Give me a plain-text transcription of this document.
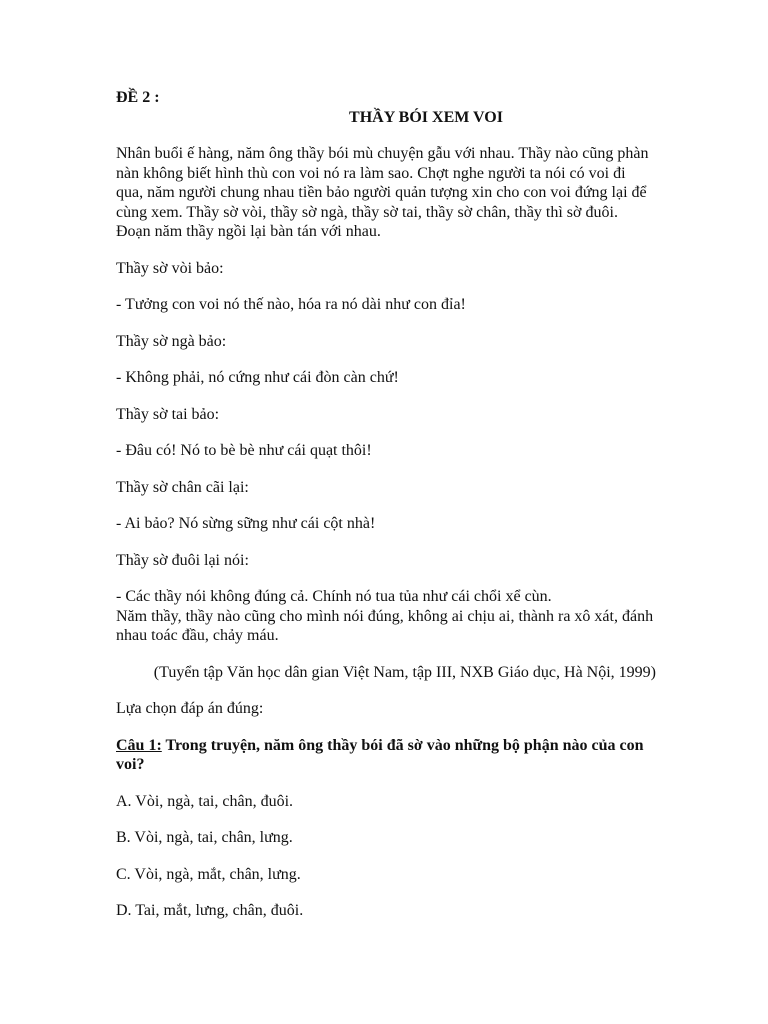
ĐỀ 2 :

THẦY BÓI XEM VOI

Nhân buổi ế hàng, năm ông thầy bói mù chuyện gẫu với nhau. Thầy nào cũng phàn nàn không biết hình thù con voi nó ra làm sao. Chợt nghe người ta nói có voi đi qua, năm người chung nhau tiền bảo người quản tượng xin cho con voi đứng lại để cùng xem. Thầy sờ vòi, thầy sờ ngà, thầy sờ tai, thầy sờ chân, thầy thì sờ đuôi. Đoạn năm thầy ngồi lại bàn tán với nhau.

Thầy sờ vòi bảo:

- Tưởng con voi nó thế nào, hóa ra nó dài như con đỉa!

Thầy sờ ngà bảo:

- Không phải, nó cứng như cái đòn càn chứ!

Thầy sờ tai bảo:

- Đâu có! Nó to bè bè như cái quạt thôi!

Thầy sờ chân cãi lại:

- Ai bảo? Nó sừng sững như cái cột nhà!

Thầy sờ đuôi lại nói:

- Các thầy nói không đúng cả. Chính nó tua tủa như cái chổi xể cùn.

Năm thầy, thầy nào cũng cho mình nói đúng, không ai chịu ai, thành ra xô xát, đánh nhau toác đầu, chảy máu.

(Tuyển tập Văn học dân gian Việt Nam, tập III, NXB Giáo dục, Hà Nội, 1999)

Lựa chọn đáp án đúng:

Câu 1: Trong truyện, năm ông thầy bói đã sờ vào những bộ phận nào của con voi?

A. Vòi, ngà, tai, chân, đuôi.

B. Vòi, ngà, tai, chân, lưng.

C. Vòi, ngà, mắt, chân, lưng.

D. Tai, mắt, lưng, chân, đuôi.
